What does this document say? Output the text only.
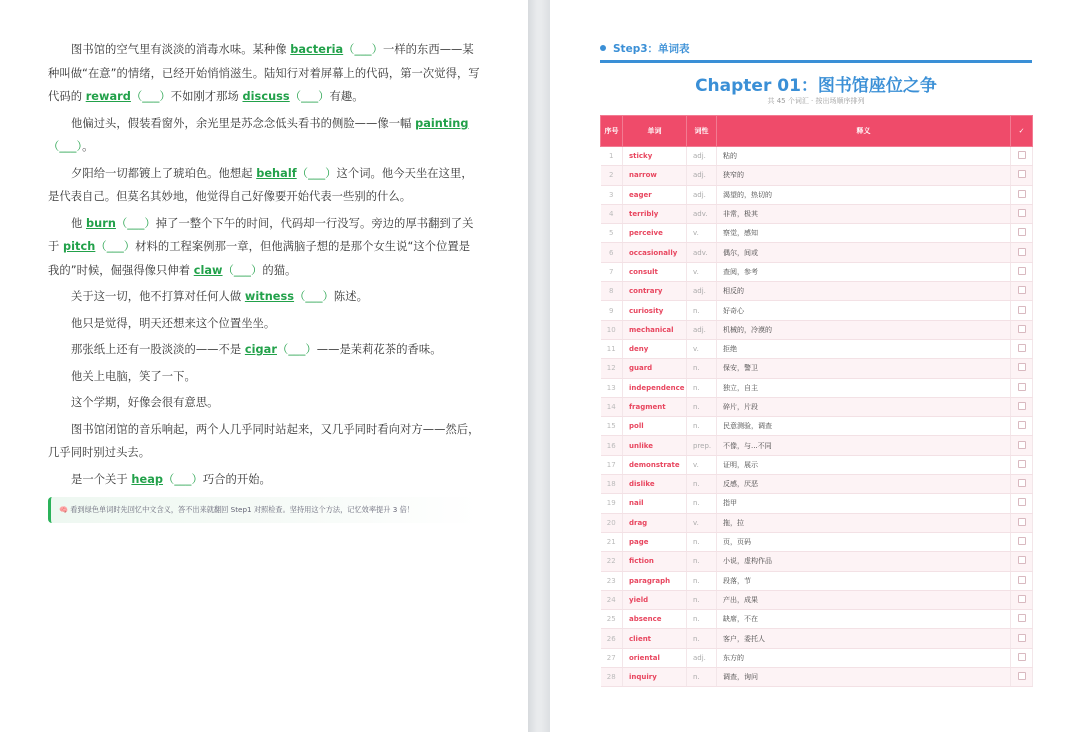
图书馆的空气里有淡淡的消毒水味。某种像 bacteria（___）一样的东西——某种叫做“在意”的情绪，已经开始悄悄滋生。陆知行对着屏幕上的代码，第一次觉得，写代码的 reward（___）不如刚才那场 discuss（___）有趣。

他偏过头，假装看窗外，余光里是苏念念低头看书的侧脸——像一幅 painting（___）。

夕阳给一切都镀上了琥珀色。他想起 behalf（___）这个词。他今天坐在这里，是代表自己。但莫名其妙地，他觉得自己好像要开始代表一些别的什么。

他 burn（___）掉了一整个下午的时间，代码却一行没写。旁边的厚书翻到了关于 pitch（___）材料的工程案例那一章，但他满脑子想的是那个女生说“这个位置是我的”时候，倔强得像只伸着 claw（___）的猫。

关于这一切，他不打算对任何人做 witness（___）陈述。

他只是觉得，明天还想来这个位置坐坐。

那张纸上还有一股淡淡的——不是 cigar（___）——是茉莉花茶的香味。

他关上电脑，笑了一下。

这个学期，好像会很有意思。

图书馆闭馆的音乐响起，两个人几乎同时站起来，又几乎同时看向对方——然后，几乎同时别过头去。

是一个关于 heap（___）巧合的开始。

🧠 看到绿色单词时先回忆中文含义，答不出来就翻回 Step1 对照检查。坚持用这个方法，记忆效率提升 3 倍！
Step3：单词表
Chapter 01：图书馆座位之争
共 45 个词汇 · 按出场顺序排列
序号	单词	词性	释义	✓
1	sticky	adj.	粘的	
2	narrow	adj.	狭窄的	
3	eager	adj.	渴望的，热切的	
4	terribly	adv.	非常，极其	
5	perceive	v.	察觉，感知	
6	occasionally	adv.	偶尔，间或	
7	consult	v.	查阅，参考	
8	contrary	adj.	相反的	
9	curiosity	n.	好奇心	
10	mechanical	adj.	机械的，冷漠的	
11	deny	v.	拒绝	
12	guard	n.	保安，警卫	
13	independence	n.	独立，自主	
14	fragment	n.	碎片，片段	
15	poll	n.	民意测验，调查	
16	unlike	prep.	不像，与...不同	
17	demonstrate	v.	证明，展示	
18	dislike	n.	反感，厌恶	
19	nail	n.	指甲	
20	drag	v.	拖，拉	
21	page	n.	页，页码	
22	fiction	n.	小说，虚构作品	
23	paragraph	n.	段落，节	
24	yield	n.	产出，成果	
25	absence	n.	缺席，不在	
26	client	n.	客户，委托人	
27	oriental	adj.	东方的	
28	inquiry	n.	调查，询问	
